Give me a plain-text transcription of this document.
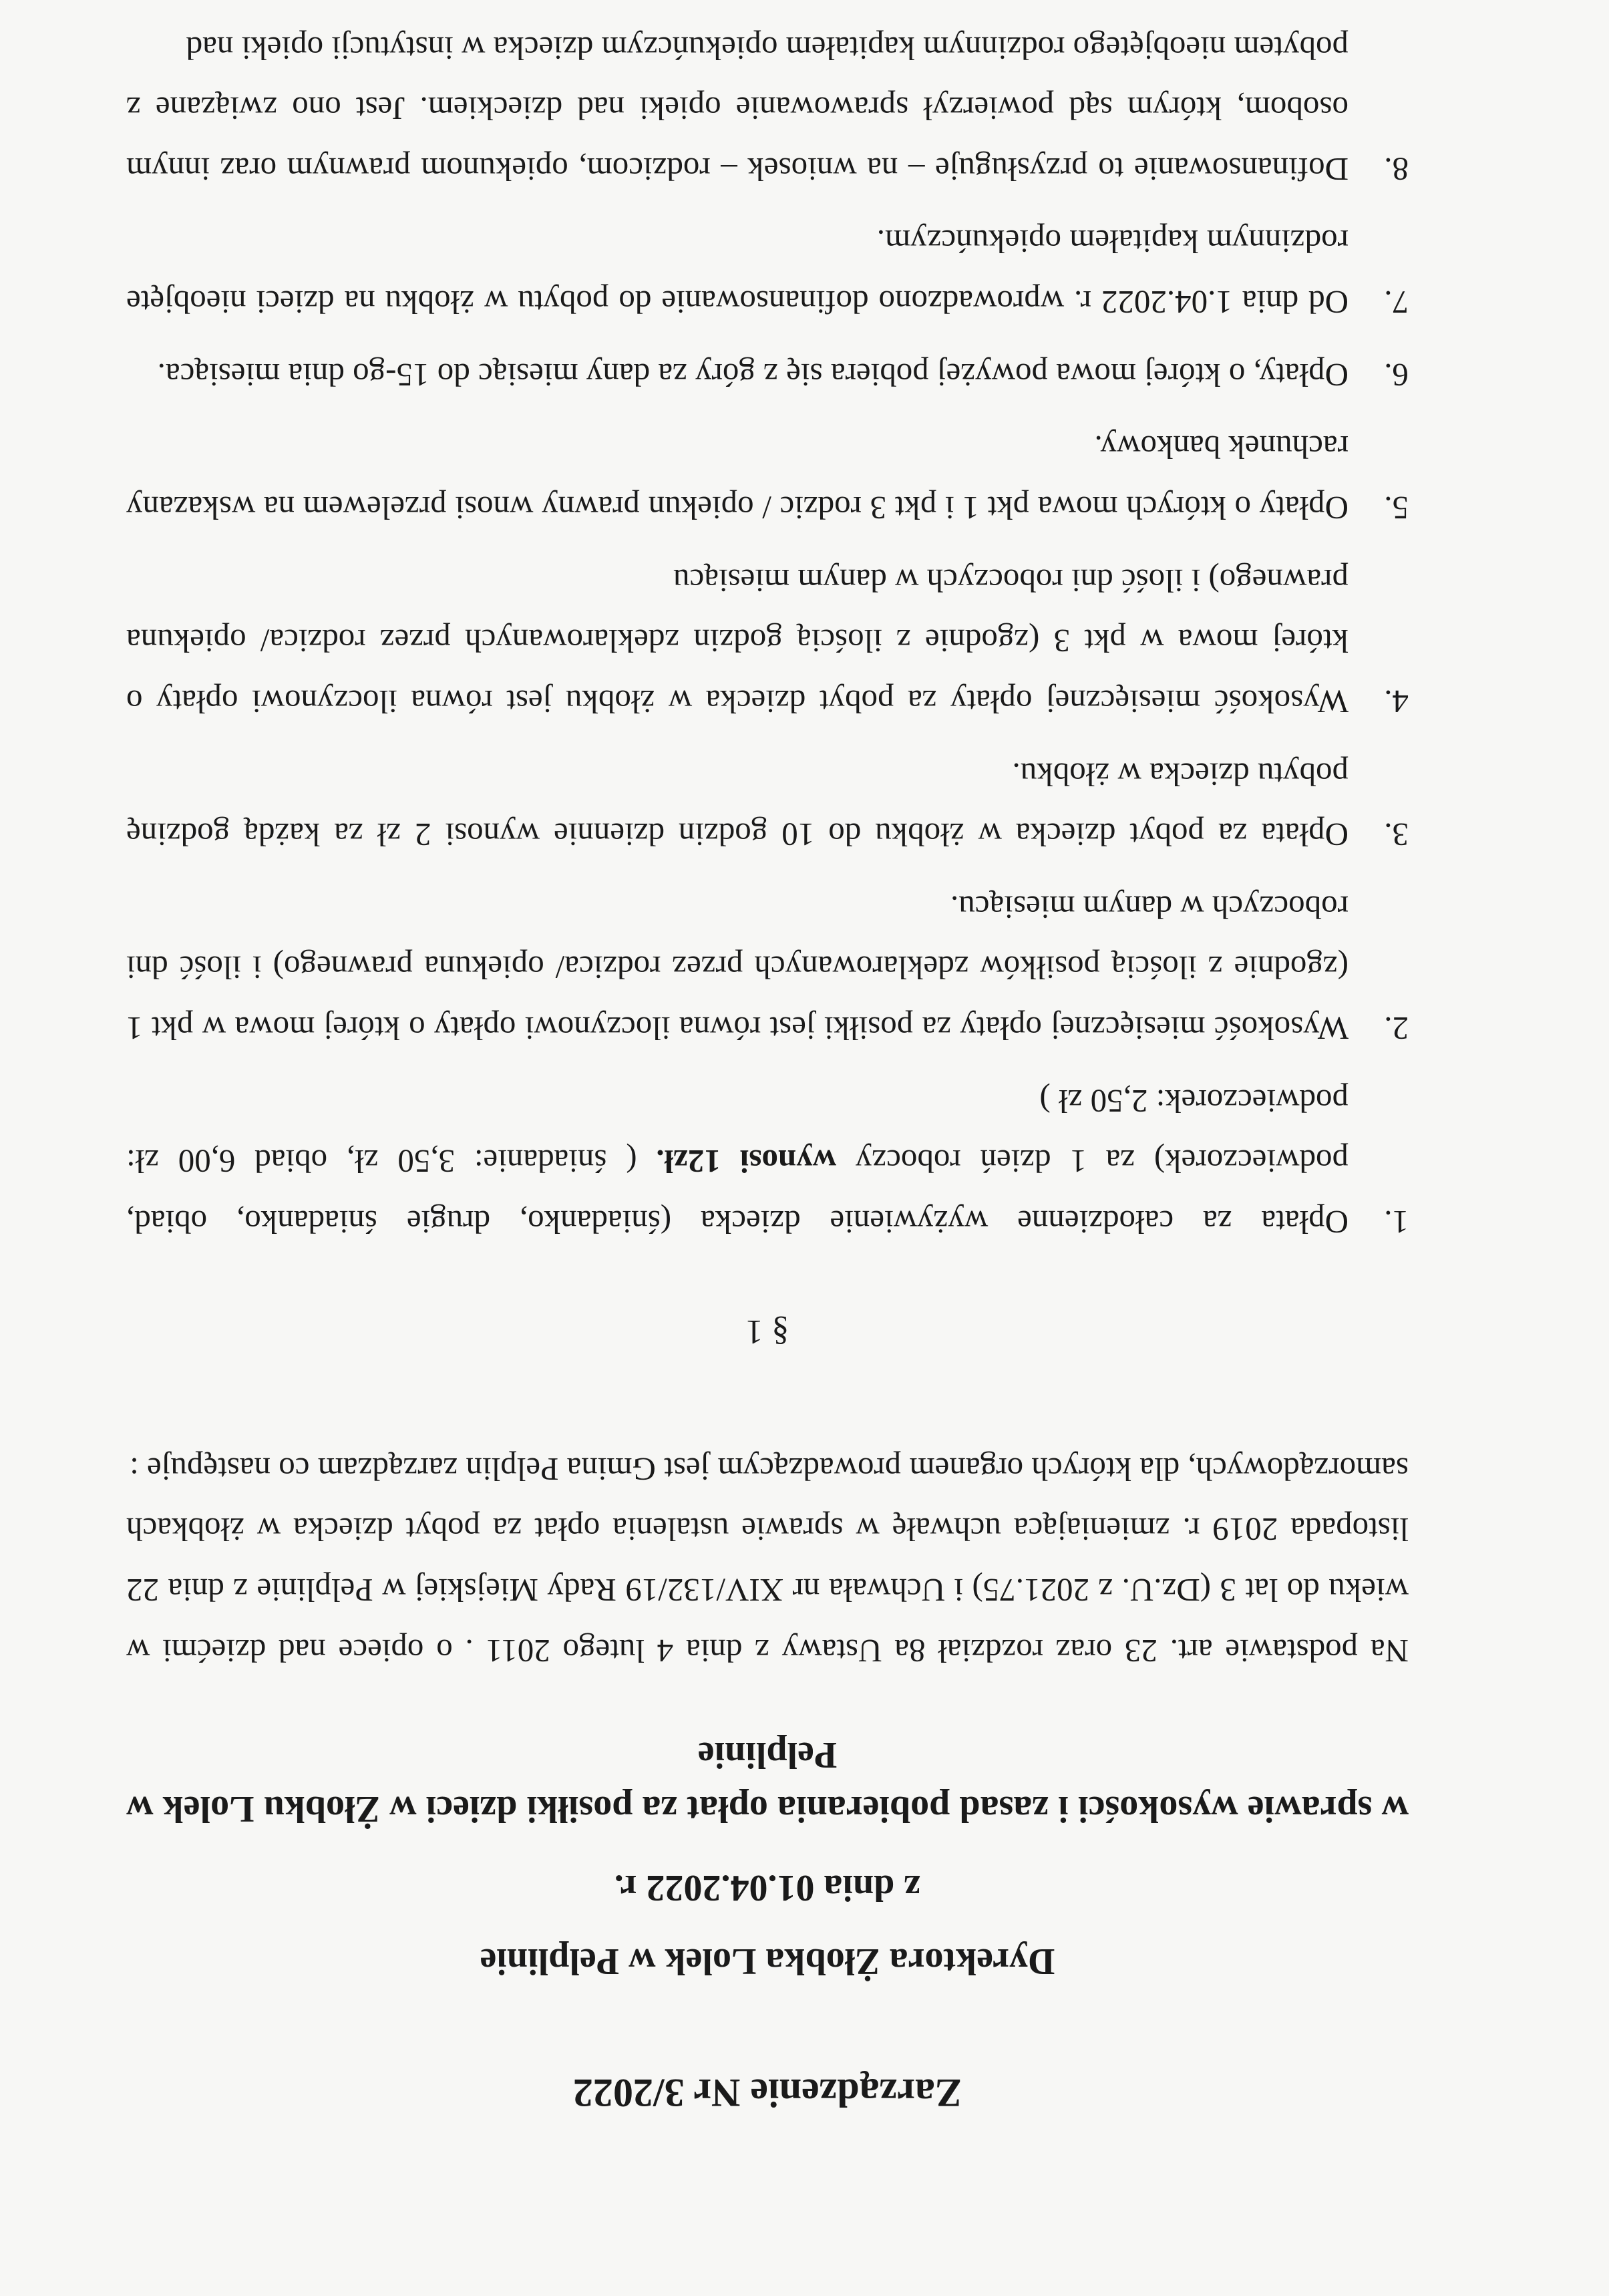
Zarządzenie Nr 3/2022
Dyrektora Żłobka Lolek w Pelplinie
z dnia 01.04.2022 r.
w sprawie wysokości i zasad pobierania opłat za posiłki dzieci w Żłobku Lolek w Pelplinie

Na podstawie art. 23 oraz rozdział 8a Ustawy z dnia 4 lutego 2011 . o opiece nad dziećmi w wieku do lat 3 (Dz.U. z 2021.75) i Uchwała nr XIV/132/19 Rady Miejskiej w Pelplinie z dnia 22 listopada 2019 r. zmieniająca uchwałę w sprawie ustalenia opłat za pobyt dziecka w żłobkach samorządowych, dla których organem prowadzącym jest Gmina Pelplin zarządzam co następuje :

§ 1
1.
Opłata za całodzienne wyżywienie dziecka (śniadanko, drugie śniadanko, obiad, podwieczorek) za 1 dzień roboczy wynosi 12zł. ( śniadanie: 3,50 zł, obiad 6,00 zł: podwieczorek: 2,50 zł )
2.
Wysokość miesięcznej opłaty za posiłki jest równa iloczynowi opłaty o której mowa w pkt 1 (zgodnie z ilością posiłków zdeklarowanych przez rodzica/ opiekuna prawnego) i ilość dni roboczych w danym miesiącu.
3.
Opłata za pobyt dziecka w żłobku do 10 godzin dziennie wynosi 2 zł za każdą godzinę pobytu dziecka w żłobku.
4.
Wysokość miesięcznej opłaty za pobyt dziecka w żłobku jest równa iloczynowi opłaty o której mowa w pkt 3 (zgodnie z ilością godzin zdeklarowanych przez rodzica/ opiekuna prawnego) i ilość dni roboczych w danym miesiącu
5.
Opłaty o których mowa pkt 1 i pkt 3 rodzic / opiekun prawny wnosi przelewem na wskazany rachunek bankowy.
6.
Opłaty, o której mowa powyżej pobiera się z góry za dany miesiąc do 15-go dnia miesiąca.
7.
Od dnia 1.04.2022 r. wprowadzono dofinansowanie do pobytu w żłobku na dzieci nieobjęte rodzinnym kapitałem opiekuńczym.
8.
Dofinansowanie to przysługuje – na wniosek – rodzicom, opiekunom prawnym oraz innym osobom, którym sąd powierzył sprawowanie opieki nad dzieckiem. Jest ono związane z pobytem nieobjętego rodzinnym kapitałem opiekuńczym dziecka w instytucji opieki nad
